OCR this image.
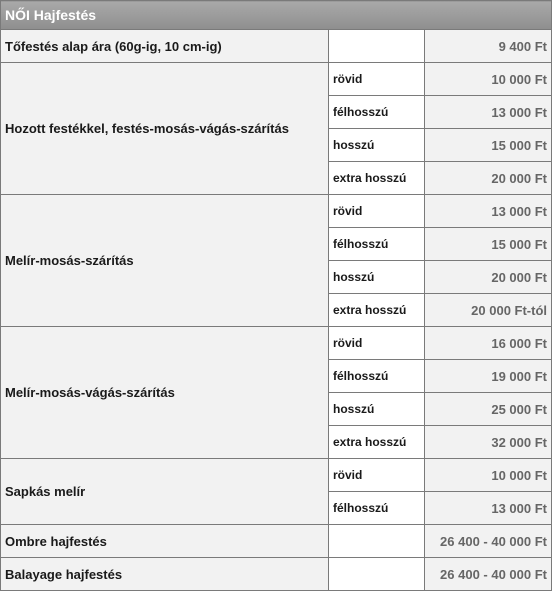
NŐI Hajfestés		
Tőfestés alap ára (60g-ig, 10 cm-ig)		9 400 Ft
Hozott festékkel, festés-mosás-vágás-szárítás	rövid	10 000 Ft
	félhosszú	13 000 Ft
	hosszú	15 000 Ft
	extra hosszú	20 000 Ft
Melír-mosás-szárítás	rövid	13 000 Ft
	félhosszú	15 000 Ft
	hosszú	20 000 Ft
	extra hosszú	20 000 Ft-tól
Melír-mosás-vágás-szárítás	rövid	16 000 Ft
	félhosszú	19 000 Ft
	hosszú	25 000 Ft
	extra hosszú	32 000 Ft
Sapkás melír	rövid	10 000 Ft
	félhosszú	13 000 Ft
Ombre hajfestés		26 400 - 40 000 Ft
Balayage hajfestés		26 400 - 40 000 Ft
